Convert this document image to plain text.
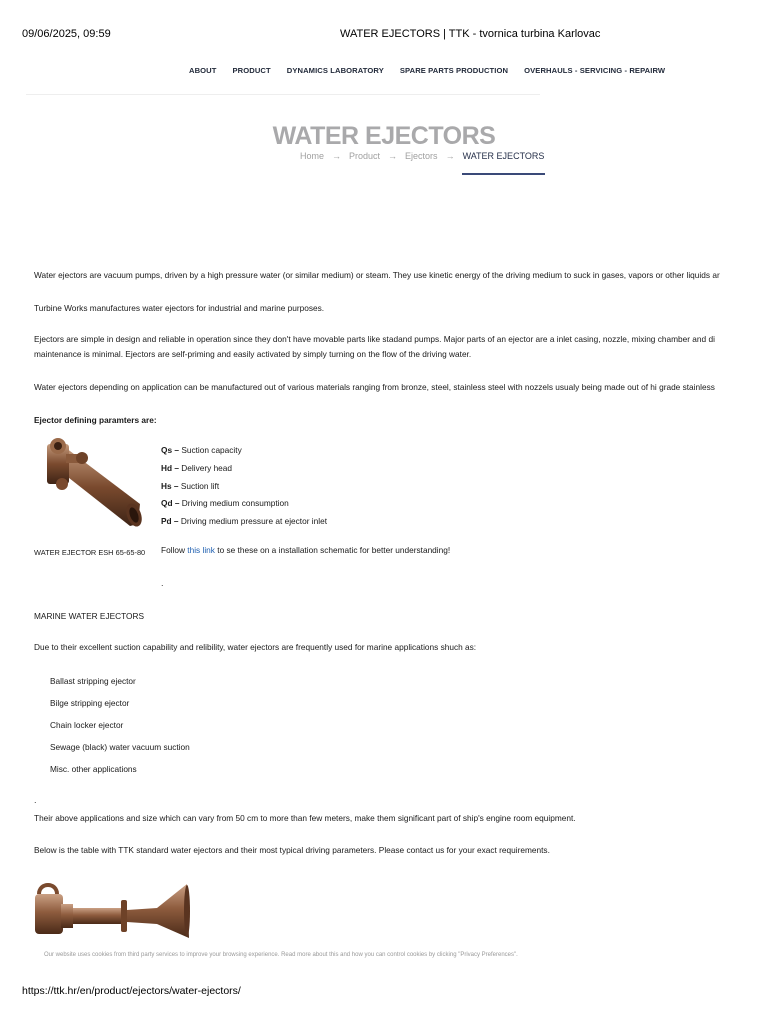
09/06/2025, 09:59	WATER EJECTORS | TTK - tvornica turbina Karlovac
ABOUT PRODUCT DYNAMICS LABORATORY SPARE PARTS PRODUCTION OVERHAULS - SERVICING - REPAIRW
WATER EJECTORS
Home → Product → Ejectors → WATER EJECTORS

Water ejectors are vacuum pumps, driven by a high pressure water (or similar medium) or steam. They use kinetic energy of the driving medium to suck in gases, vapors or other liquids ar

Turbine Works manufactures water ejectors for industrial and marine purposes.

Ejectors are simple in design and reliable in operation since they don't have movable parts like stadand pumps. Major parts of an ejector are a inlet casing, nozzle, mixing chamber and di

maintenance is minimal. Ejectors are self-priming and easily activated by simply turning on the flow of the driving water.

Water ejectors depending on application can be manufactured out of various materials ranging from bronze, steel, stainless steel with nozzels usualy being made out of hi grade stainless

Ejector defining paramters are:
WATER EJECTOR ESH 65-65-80
Qs – Suction capacity
Hd – Delivery head
Hs – Suction lift
Qd – Driving medium consumption
Pd – Driving medium pressure at ejector inlet
Follow this link to se these on a installation schematic for better understanding!
.
MARINE WATER EJECTORS

Due to their excellent suction capability and relibility, water ejectors are frequently used for marine applications shuch as:

Ballast stripping ejector
Bilge stripping ejector
Chain locker ejector
Sewage (black) water vacuum suction
Misc. other applications
.

Their above applications and size which can vary from 50 cm to more than few meters, make them significant part of ship's engine room equipment.

Below is the table with TTK standard water ejectors and their most typical driving parameters. Please contact us for your exact requirements.

Our website uses cookies from third party services to improve your browsing experience. Read more about this and how you can control cookies by clicking "Privacy Preferences".
https://ttk.hr/en/product/ejectors/water-ejectors/
